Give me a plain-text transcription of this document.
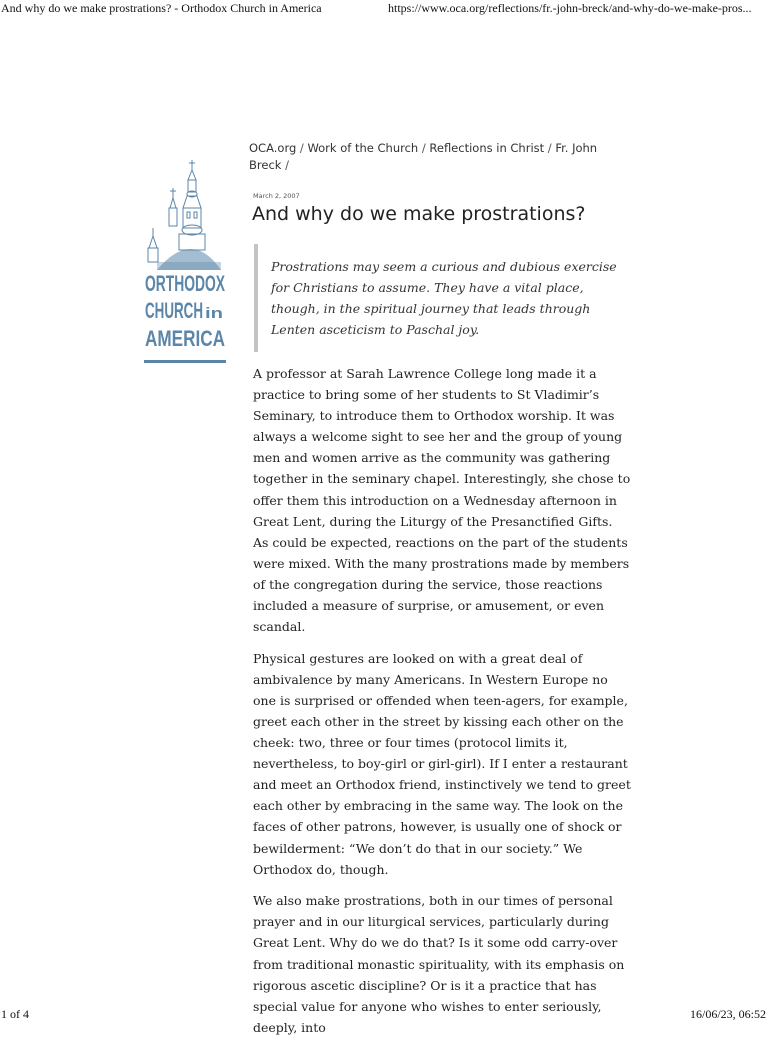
And why do we make prostrations? - Orthodox Church in America	https://www.oca.org/reflections/fr.-john-breck/and-why-do-we-make-pros...
ORTHODOX
CHURCH in
AMERICA
OCA.org / Work of the Church / Reflections in Christ / Fr. John Breck /
March 2, 2007
And why do we make prostrations?
Prostrations may seem a curious and dubious exercise for Christians to assume. They have a vital place, though, in the spiritual journey that leads through Lenten asceticism to Paschal joy.

A professor at Sarah Lawrence College long made it a practice to bring some of her students to St Vladimir’s Seminary, to introduce them to Orthodox worship. It was always a welcome sight to see her and the group of young men and women arrive as the community was gathering together in the seminary chapel. Interestingly, she chose to offer them this introduction on a Wednesday afternoon in Great Lent, during the Liturgy of the Presanctified Gifts. As could be expected, reactions on the part of the students were mixed. With the many prostrations made by members of the congregation during the service, those reactions included a measure of surprise, or amusement, or even scandal.

Physical gestures are looked on with a great deal of ambivalence by many Americans. In Western Europe no one is surprised or offended when teen-agers, for example, greet each other in the street by kissing each other on the cheek: two, three or four times (protocol limits it, nevertheless, to boy-girl or girl-girl). If I enter a restaurant and meet an Orthodox friend, instinctively we tend to greet each other by embracing in the same way. The look on the faces of other patrons, however, is usually one of shock or bewilderment: “We don’t do that in our society.” We Orthodox do, though.

We also make prostrations, both in our times of personal prayer and in our liturgical services, particularly during Great Lent. Why do we do that? Is it some odd carry-over from traditional monastic spirituality, with its emphasis on rigorous ascetic discipline? Or is it a practice that has special value for anyone who wishes to enter seriously, deeply, into

1 of 4	16/06/23, 06:52
